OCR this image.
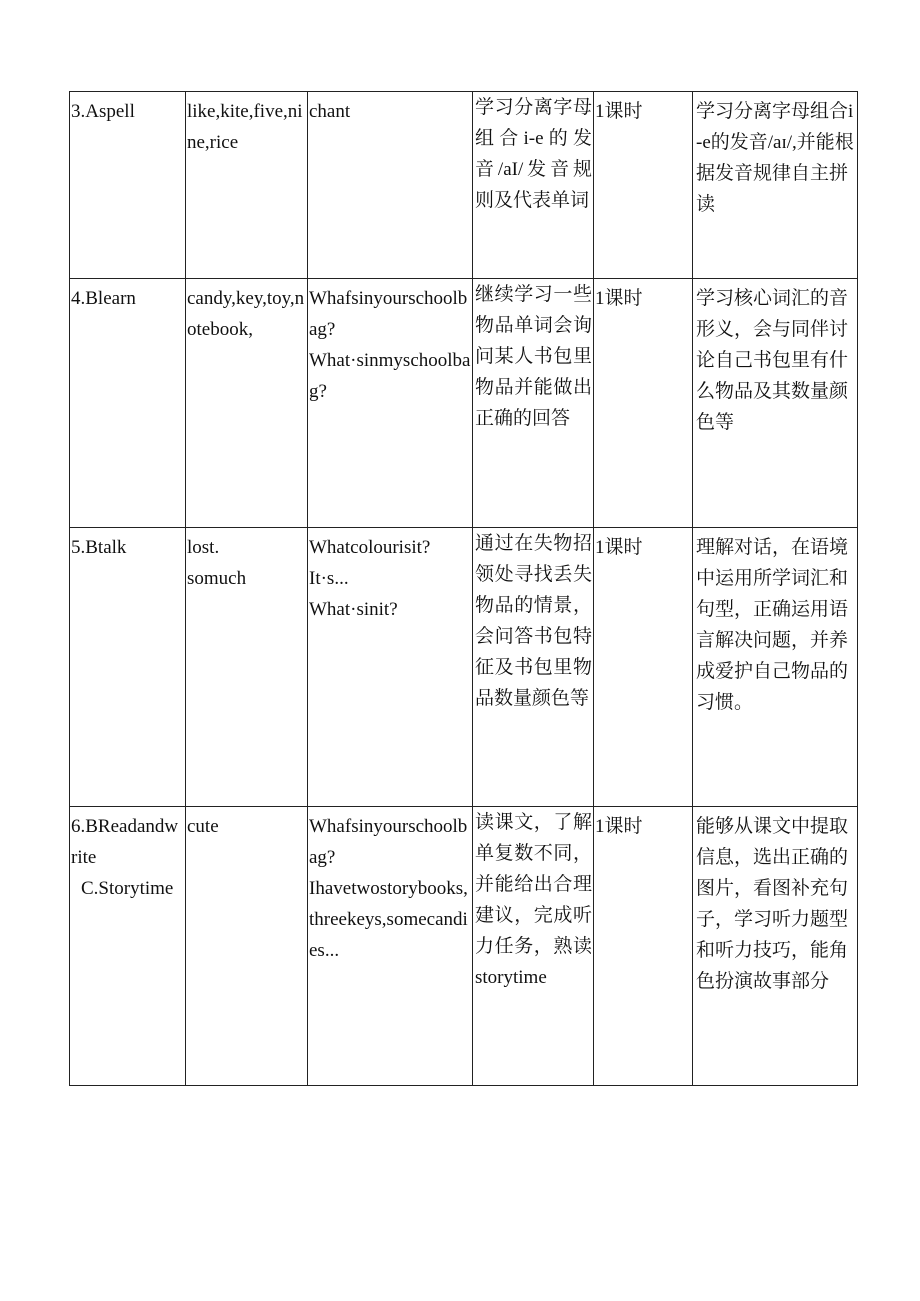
3.Aspell	like,kite,five,nine,rice	chant	学习分离字母组合i-e的发音/aI/发音规则及代表单词	1课时	学习分离字母组合i-e的发音/aɪ/,并能根据发音规律自主拼读

4.Blearn	candy,key,toy,notebook,	Whafsinyourschoolbag?
What·sinmyschoolbag?	继续学习一些物品单词会询问某人书包里物品并能做出正确的回答	1课时	学习核心词汇的音形义，会与同伴讨论自己书包里有什么物品及其数量颜色等

5.Btalk	lost.
somuch	Whatcolourisit?
It·s...
What·sinit?	通过在失物招领处寻找丢失物品的情景，会问答书包特征及书包里物品数量颜色等	1课时	理解对话，在语境中运用所学词汇和句型，正确运用语言解决问题，并养成爱护自己物品的习惯。

6.BReadandwrite
C.Storytime	cute	Whafsinyourschoolbag?
Ihavetwostorybooks,threekeys,somecandies...	读课文，了解单复数不同，并能给出合理建议，完成听力任务，熟读storytime	1课时	能够从课文中提取信息，选出正确的图片，看图补充句子，学习听力题型和听力技巧，能角色扮演故事部分
